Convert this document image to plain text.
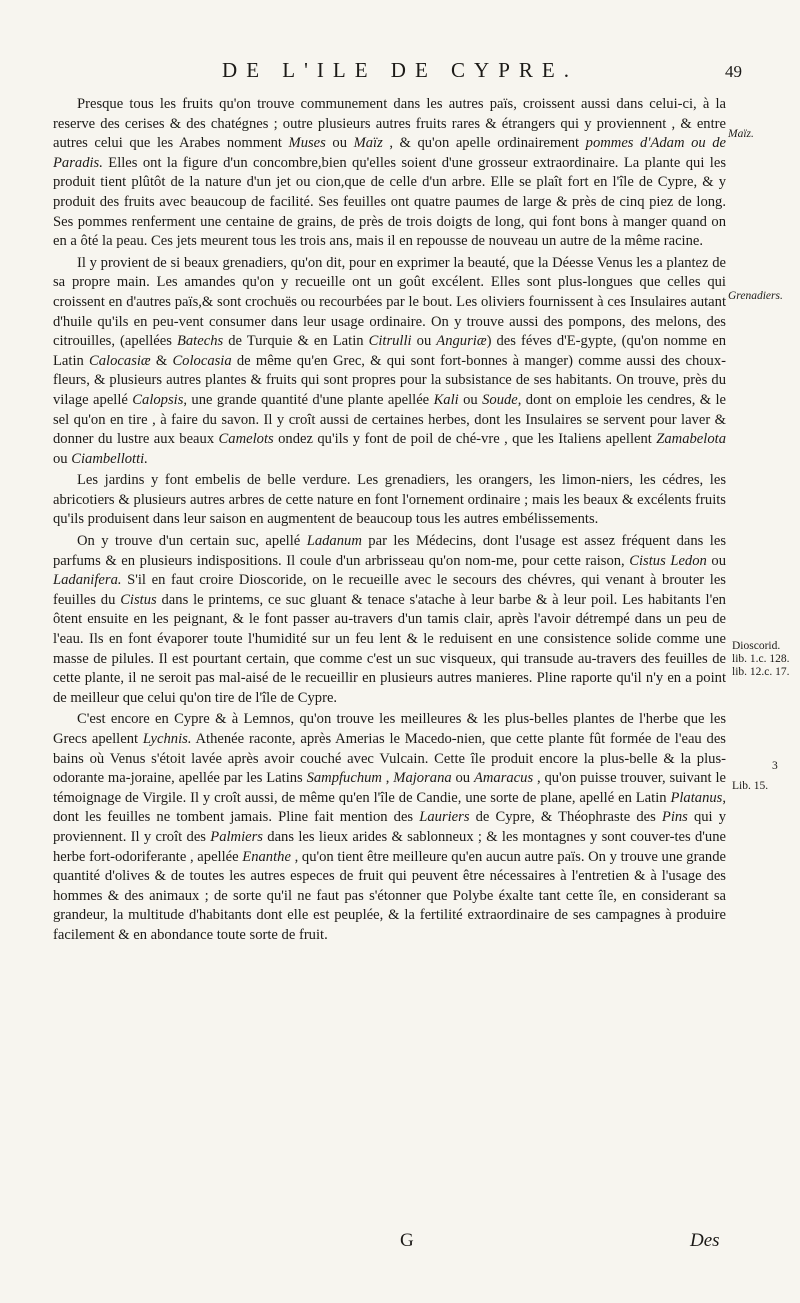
DE L'ILE DE CYPRE.	49

Presque tous les fruits qu'on trouve communement dans les autres païs, croissent aussi dans celui-ci, à la reserve des cerises & des chatégnes ; outre plusieurs autres fruits rares & étrangers qui y proviennent , & entre autres celui que les Arabes nomment Muses ou Maïz , & qu'on apelle ordinairement pommes d'Adam ou de Paradis. Elles ont la figure d'un concombre,bien qu'elles soient d'une grosseur extraordinaire. La plante qui les produit tient plûtôt de la nature d'un jet ou cion,que de celle d'un arbre. Elle se plaît fort en l'île de Cypre, & y produit des fruits avec beaucoup de facilité. Ses feuilles ont quatre paumes de large & près de cinq piez de long. Ses pommes renferment une centaine de grains, de près de trois doigts de long, qui font bons à manger quand on en a ôté la peau. Ces jets meurent tous les trois ans, mais il en repousse de nouveau un autre de la même racine.

Il y provient de si beaux grenadiers, qu'on dit, pour en exprimer la beauté, que la Déesse Venus les a plantez de sa propre main. Les amandes qu'on y recueille ont un goût excélent. Elles sont plus-longues que celles qui croissent en d'autres païs,& sont crochuës ou recourbées par le bout. Les oliviers fournissent à ces Insulaires autant d'huile qu'ils en peu-vent consumer dans leur usage ordinaire. On y trouve aussi des pompons, des melons, des citrouilles, (apellées Batechs de Turquie & en Latin Citrulli ou Anguriæ) des féves d'E-gypte, (qu'on nomme en Latin Calocasiæ & Colocasia de même qu'en Grec, & qui sont fort-bonnes à manger) comme aussi des choux-fleurs, & plusieurs autres plantes & fruits qui sont propres pour la subsistance de ses habitants. On trouve, près du vilage apellé Calopsis, une grande quantité d'une plante apellée Kali ou Soude, dont on emploie les cendres, & le sel qu'on en tire , à faire du savon. Il y croît aussi de certaines herbes, dont les Insulaires se servent pour laver & donner du lustre aux beaux Camelots ondez qu'ils y font de poil de ché-vre , que les Italiens apellent Zamabelota ou Ciambellotti.

Les jardins y font embelis de belle verdure. Les grenadiers, les orangers, les limon-niers, les cédres, les abricotiers & plusieurs autres arbres de cette nature en font l'ornement ordinaire ; mais les beaux & excélents fruits qu'ils produisent dans leur saison en augmentent de beaucoup tous les autres embélissements.

On y trouve d'un certain suc, apellé Ladanum par les Médecins, dont l'usage est assez fréquent dans les parfums & en plusieurs indispositions. Il coule d'un arbrisseau qu'on nom-me, pour cette raison, Cistus Ledon ou Ladanifera. S'il en faut croire Dioscoride, on le recueille avec le secours des chévres, qui venant à brouter les feuilles du Cistus dans le printems, ce suc gluant & tenace s'atache à leur barbe & à leur poil. Les habitants l'en ôtent ensuite en les peignant, & le font passer au-travers d'un tamis clair, après l'avoir détrempé dans un peu de l'eau. Ils en font évaporer toute l'humidité sur un feu lent & le reduisent en une consistence solide comme une masse de pilules. Il est pourtant certain, que comme c'est un suc visqueux, qui transude au-travers des feuilles de cette plante, il ne seroit pas mal-aisé de le recueillir en plusieurs autres manieres. Pline raporte qu'il n'y en a point de meilleur que celui qu'on tire de l'île de Cypre.

C'est encore en Cypre & à Lemnos, qu'on trouve les meilleures & les plus-belles plantes de l'herbe que les Grecs apellent Lychnis. Athenée raconte, après Amerias le Macedo-nien, que cette plante fût formée de l'eau des bains où Venus s'étoit lavée après avoir couché avec Vulcain. Cette île produit encore la plus-belle & la plus-odorante ma-joraine, apellée par les Latins Sampfuchum , Majorana ou Amaracus , qu'on puisse trouver, suivant le témoignage de Virgile. Il y croît aussi, de même qu'en l'île de Candie, une sorte de plane, apellé en Latin Platanus, dont les feuilles ne tombent jamais. Pline fait mention des Lauriers de Cypre, & Théophraste des Pins qui y proviennent. Il y croît des Palmiers dans les lieux arides & sablonneux ; & les montagnes y sont couver-tes d'une herbe fort-odoriferante , apellée Enanthe , qu'on tient être meilleure qu'en aucun autre païs. On y trouve une grande quantité d'olives & de toutes les autres especes de fruit qui peuvent être nécessaires à l'entretien & à l'usage des hommes & des animaux ; de sorte qu'il ne faut pas s'étonner que Polybe éxalte tant cette île, en considerant sa grandeur, la multitude d'habitants dont elle est peuplée, & la fertilité extraordinaire de ses campagnes à produire facilement & en abondance toute sorte de fruit.

Maïz.
Grenadiers.
Dioscorid.
lib. 1.c. 128.
lib. 12.c. 17.
3
Lib. 15.
G	Des
